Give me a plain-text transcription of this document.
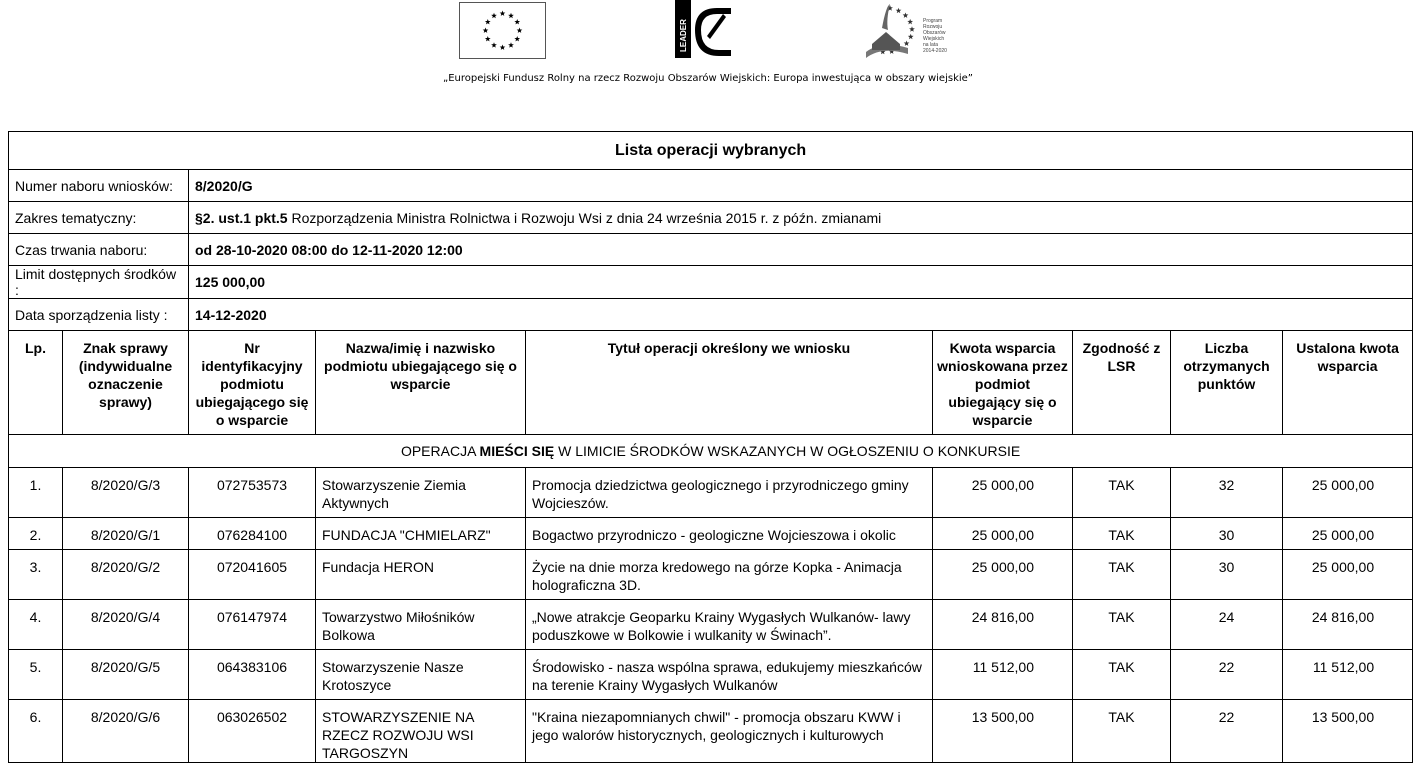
LEADER	Program
Rozwoju
Obszarów
Wiejskich
na lata 2014-2020
„Europejski Fundusz Rolny na rzecz Rozwoju Obszarów Wiejskich: Europa inwestująca w obszary wiejskie”
Lista operacji wybranych								
Numer naboru wniosków:		8/2020/G						
Zakres tematyczny:		§2. ust.1 pkt.5 Rozporządzenia Ministra Rolnictwa i Rozwoju Wsi z dnia 24 września 2015 r. z późn. zmianami						
Czas trwania naboru:		od 28-10-2020 08:00 do 12-11-2020 12:00						
Limit dostępnych środków :		125 000,00						
Data sporządzenia listy :		14-12-2020						
Lp.	Znak sprawy (indywidualne oznaczenie sprawy)	Nr identyfikacyjny podmiotu ubiegającego się o wsparcie	Nazwa/imię i nazwisko podmiotu ubiegającego się o wsparcie	Tytuł operacji określony we wniosku	Kwota wsparcia wnioskowana przez podmiot ubiegający się o wsparcie	Zgodność z LSR	Liczba otrzymanych punktów	Ustalona kwota wsparcia
OPERACJA MIEŚCI SIĘ W LIMICIE ŚRODKÓW WSKAZANYCH W OGŁOSZENIU O KONKURSIE								
1.	8/2020/G/3	072753573	Stowarzyszenie Ziemia Aktywnych	Promocja dziedzictwa geologicznego i przyrodniczego gminy Wojcieszów.	25 000,00	TAK	32	25 000,00
2.	8/2020/G/1	076284100	FUNDACJA "CHMIELARZ"	Bogactwo przyrodniczo - geologiczne Wojcieszowa i okolic	25 000,00	TAK	30	25 000,00
3.	8/2020/G/2	072041605	Fundacja HERON	Życie na dnie morza kredowego na górze Kopka - Animacja holograficzna 3D.	25 000,00	TAK	30	25 000,00
4.	8/2020/G/4	076147974	Towarzystwo Miłośników Bolkowa	„Nowe atrakcje Geoparku Krainy Wygasłych Wulkanów- lawy poduszkowe w Bolkowie i wulkanity w Świnach”.	24 816,00	TAK	24	24 816,00
5.	8/2020/G/5	064383106	Stowarzyszenie Nasze Krotoszyce	Środowisko - nasza wspólna sprawa, edukujemy mieszkańców na terenie Krainy Wygasłych Wulkanów	11 512,00	TAK	22	11 512,00
6.	8/2020/G/6	063026502	STOWARZYSZENIE NA RZECZ ROZWOJU WSI TARGOSZYN	"Kraina niezapomnianych chwil" - promocja obszaru KWW i jego walorów historycznych, geologicznych i kulturowych	13 500,00	TAK	22	13 500,00
